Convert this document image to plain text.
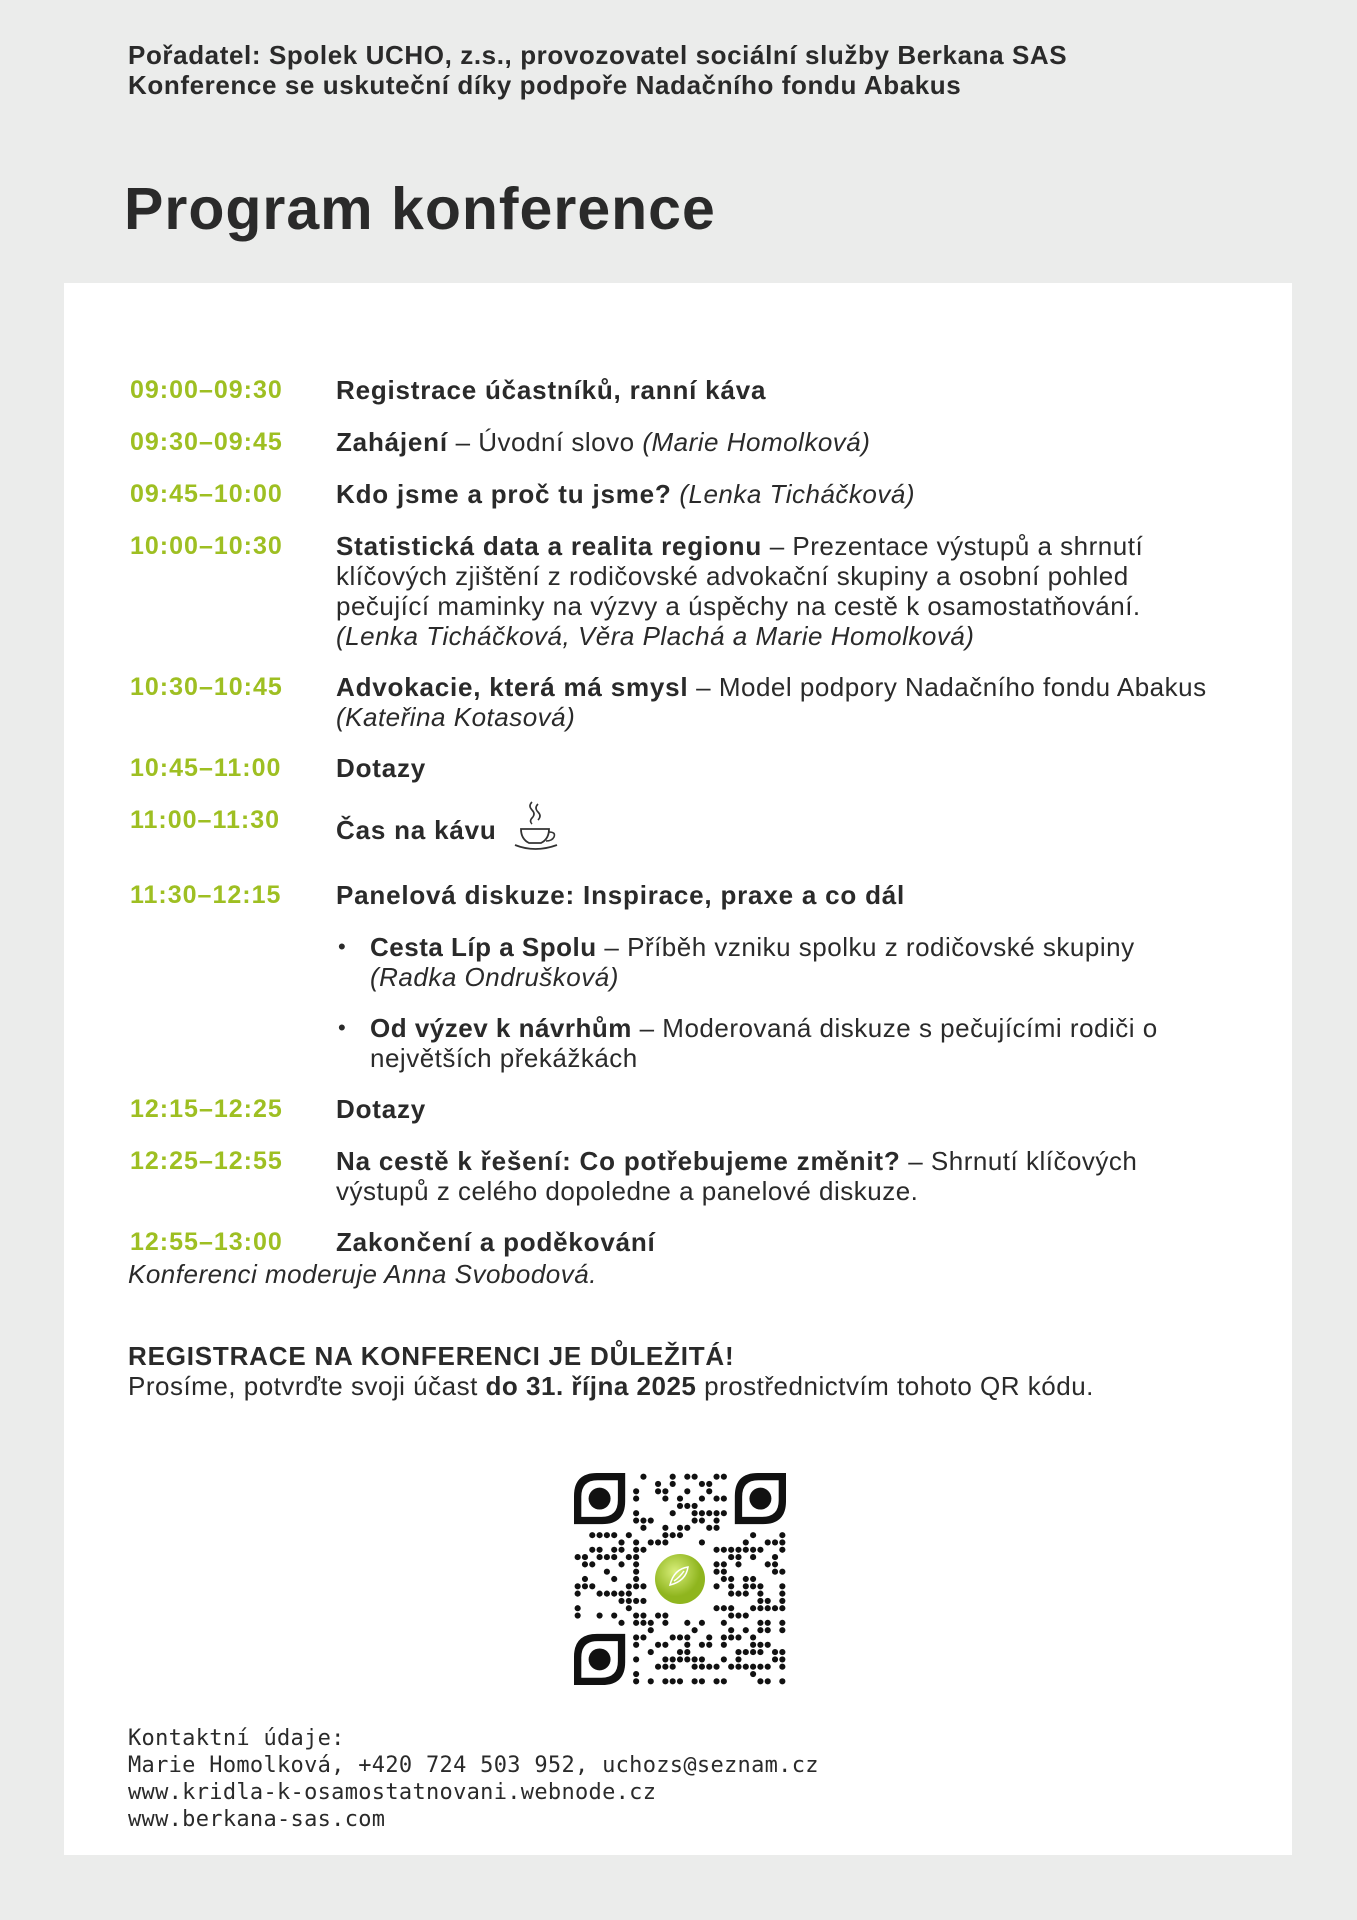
Pořadatel: Spolek UCHO, z.s., provozovatel sociální služby Berkana SAS
Konference se uskuteční díky podpoře Nadačního fondu Abakus
Program konference
09:00–09:30	Registrace účastníků, ranní káva
09:30–09:45	Zahájení – Úvodní slovo (Marie Homolková)
09:45–10:00	Kdo jsme a proč tu jsme? (Lenka Ticháčková)
10:00–10:30	Statistická data a realita regionu – Prezentace výstupů a shrnutí klíčových zjištění z rodičovské advokační skupiny a osobní pohled pečující maminky na výzvy a úspěchy na cestě k osamostatňování. (Lenka Ticháčková, Věra Plachá a Marie Homolková)
10:30–10:45	Advokacie, která má smysl – Model podpory Nadačního fondu Abakus (Kateřina Kotasová)
10:45–11:00	Dotazy
11:00–11:30	Čas na kávu
11:30–12:15	Panelová diskuze: Inspirace, praxe a co dál
• Cesta Líp a Spolu – Příběh vzniku spolku z rodičovské skupiny (Radka Ondrušková)
• Od výzev k návrhům – Moderovaná diskuze s pečujícími rodiči o největších překážkách
12:15–12:25	Dotazy
12:25–12:55	Na cestě k řešení: Co potřebujeme změnit? – Shrnutí klíčových výstupů z celého dopoledne a panelové diskuze.
12:55–13:00	Zakončení a poděkování
Konferenci moderuje Anna Svobodová.
REGISTRACE NA KONFERENCI JE DŮLEŽITÁ!
Prosíme, potvrďte svoji účast do 31. října 2025 prostřednictvím tohoto QR kódu.
Kontaktní údaje:
Marie Homolková, +420 724 503 952, uchozs@seznam.cz
www.kridla-k-osamostatnovani.webnode.cz
www.berkana-sas.com
